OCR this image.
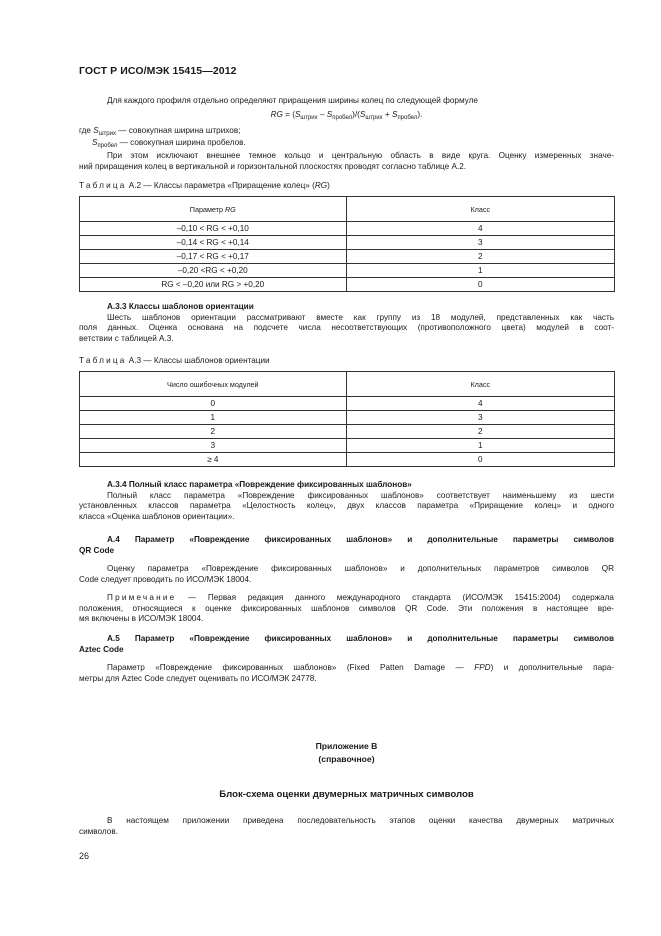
ГОСТ Р ИСО/МЭК 15415—2012
Для каждого профиля отдельно определяют приращения ширины колец по следующей формуле
RG = $(S_{штрих} - S_{пробел})/(S_{штрих} + S_{пробел})$.
где $S_{штрих}$ — совокупная ширина штрихов;
$S_{пробел}$ — совокупная ширина пробелов.
При этом исключают внешнее темное кольцо и центральную область в виде круга. Оценку измеренных значе-
ний приращения колец в вертикальной и горизонтальной плоскостях проводят согласно таблице А.2.
Таблица А.2 — Классы параметра «Приращение колец» (RG)
Параметр RG	Класс
–0,10 < RG < +0,10	4
–0,14 < RG < +0,14	3
–0,17 < RG < +0,17	2
–0,20 <RG < +0,20	1
RG < –0,20 или RG > +0,20	0
А.3.3 Классы шаблонов ориентации
Шесть шаблонов ориентации рассматривают вместе как группу из 18 модулей, представленных как часть
поля данных. Оценка основана на подсчете числа несоответствующих (противоположного цвета) модулей в соот-
ветствии с таблицей А.3.
Таблица А.3 — Классы шаблонов ориентации
Число ошибочных модулей	Класс
0	4
1	3
2	2
3	1
≥ 4	0
А.3.4 Полный класс параметра «Повреждение фиксированных шаблонов»
Полный класс параметра «Повреждение фиксированных шаблонов» соответствует наименьшему из шести
установленных классов параметра «Целостность колец», двух классов параметра «Приращение колец» и одного
класса «Оценка шаблонов ориентации».
А.4 Параметр «Повреждение фиксированных шаблонов» и дополнительные параметры символов
QR Code
Оценку параметра «Повреждение фиксированных шаблонов» и дополнительных параметров символов QR
Code следует проводить по ИСО/МЭК 18004.
Примечание — Первая редакция данного международного стандарта (ИСО/МЭК 15415:2004) содержала
положения, относящиеся к оценке фиксированных шаблонов символов QR Code. Эти положения в настоящее вре-
мя включены в ИСО/МЭК 18004.
А.5 Параметр «Повреждение фиксированных шаблонов» и дополнительные параметры символов
Aztec Code
Параметр «Повреждение фиксированных шаблонов» (Fixed Patten Damage — FPD) и дополнительные пара-
метры для Aztec Code следует оценивать по ИСО/МЭК 24778.
Приложение В
(справочное)
Блок-схема оценки двумерных матричных символов
В настоящем приложении приведена последовательность этапов оценки качества двумерных матричных
символов.
26
